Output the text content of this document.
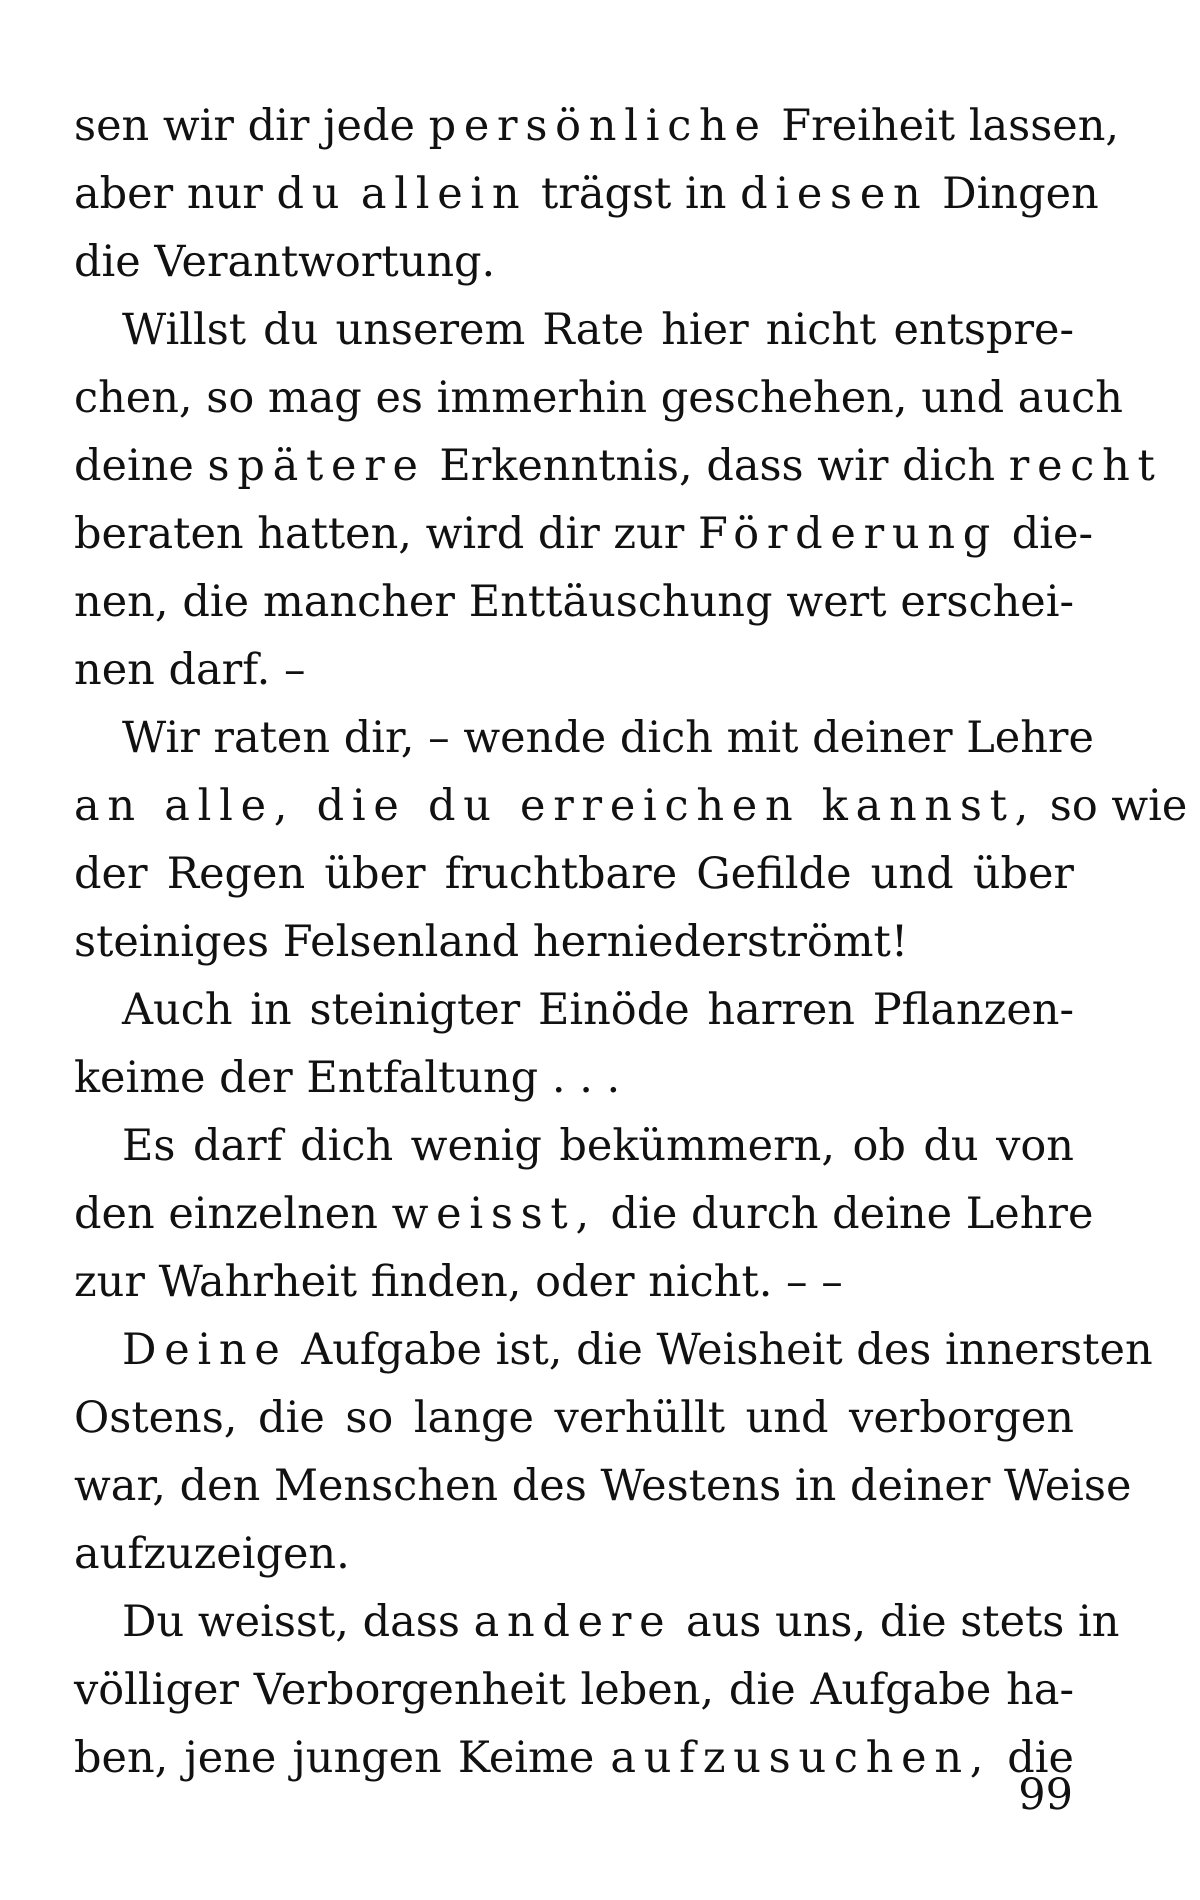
sen wir dir jede persönliche Freiheit lassen,
aber nur du allein trägst in diesen Dingen
die Verantwortung.
Willst du unserem Rate hier nicht entspre-
chen, so mag es immerhin geschehen, und auch
deine spätere Erkenntnis, dass wir dich recht
beraten hatten, wird dir zur Förderung die-
nen, die mancher Enttäuschung wert erschei-
nen darf. –
Wir raten dir, – wende dich mit deiner Lehre
an alle, die du erreichen kannst, so wie
der Regen über fruchtbare Gefilde und über
steiniges Felsenland herniederströmt!
Auch in steinigter Einöde harren Pflanzen-
keime der Entfaltung . . .
Es darf dich wenig bekümmern, ob du von
den einzelnen weisst, die durch deine Lehre
zur Wahrheit finden, oder nicht. – –
Deine Aufgabe ist, die Weisheit des innersten
Ostens, die so lange verhüllt und verborgen
war, den Menschen des Westens in deiner Weise
aufzuzeigen.
Du weisst, dass andere aus uns, die stets in
völliger Verborgenheit leben, die Aufgabe ha-
ben, jene jungen Keime aufzusuchen, die
99
